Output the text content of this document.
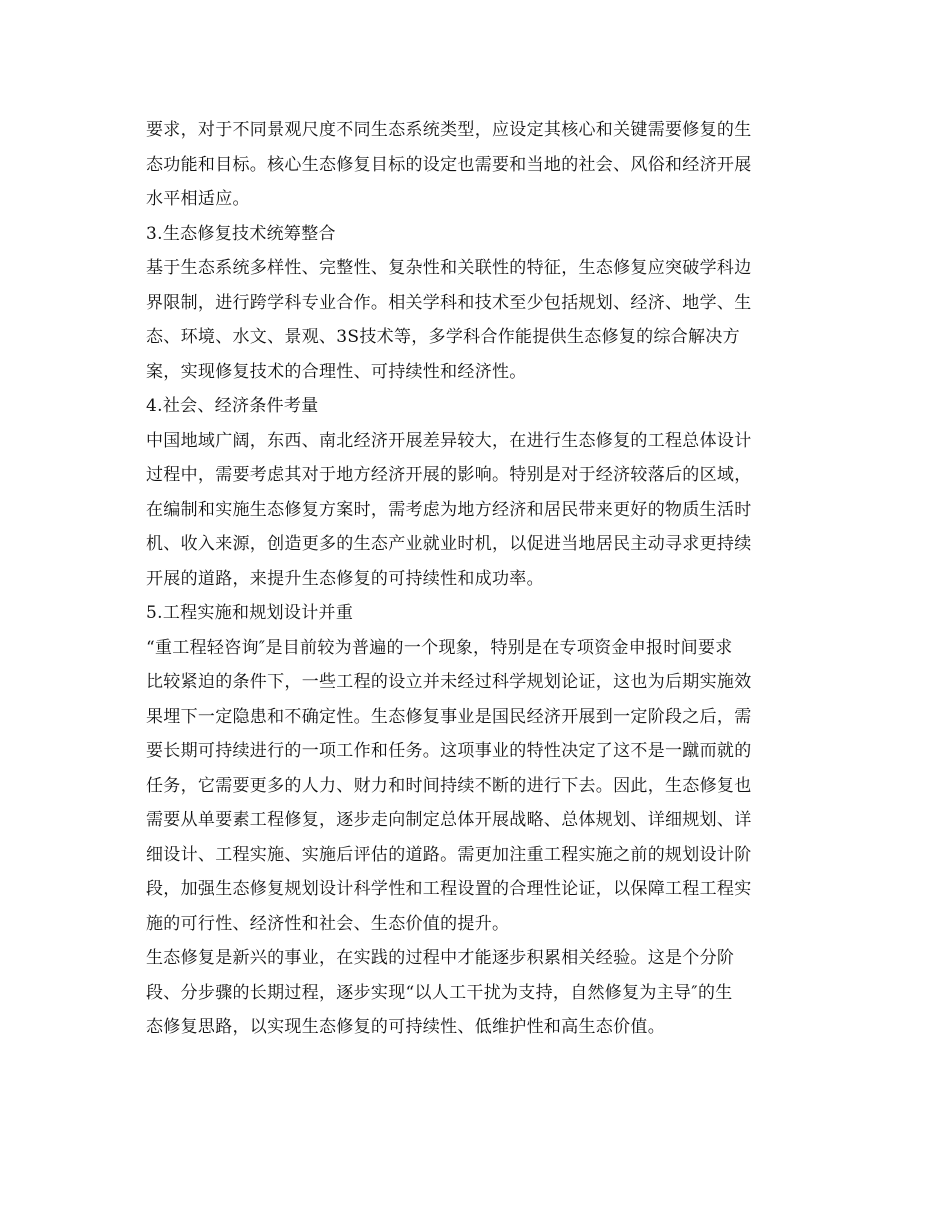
要求，对于不同景观尺度不同生态系统类型，应设定其核心和关键需要修复的生
态功能和目标。核心生态修复目标的设定也需要和当地的社会、风俗和经济开展
水平相适应。
3.生态修复技术统筹整合
基于生态系统多样性、完整性、复杂性和关联性的特征，生态修复应突破学科边
界限制，进行跨学科专业合作。相关学科和技术至少包括规划、经济、地学、生
态、环境、水文、景观、3S技术等，多学科合作能提供生态修复的综合解决方
案，实现修复技术的合理性、可持续性和经济性。
4.社会、经济条件考量
中国地域广阔，东西、南北经济开展差异较大，在进行生态修复的工程总体设计
过程中，需要考虑其对于地方经济开展的影响。特别是对于经济较落后的区域，
在编制和实施生态修复方案时，需考虑为地方经济和居民带来更好的物质生活时
机、收入来源，创造更多的生态产业就业时机，以促进当地居民主动寻求更持续
开展的道路，来提升生态修复的可持续性和成功率。
5.工程实施和规划设计并重
“重工程轻咨询″是目前较为普遍的一个现象，特别是在专项资金申报时间要求
比较紧迫的条件下，一些工程的设立并未经过科学规划论证，这也为后期实施效
果埋下一定隐患和不确定性。生态修复事业是国民经济开展到一定阶段之后，需
要长期可持续进行的一项工作和任务。这项事业的特性决定了这不是一蹴而就的
任务，它需要更多的人力、财力和时间持续不断的进行下去。因此，生态修复也
需要从单要素工程修复，逐步走向制定总体开展战略、总体规划、详细规划、详
细设计、工程实施、实施后评估的道路。需更加注重工程实施之前的规划设计阶
段，加强生态修复规划设计科学性和工程设置的合理性论证，以保障工程工程实
施的可行性、经济性和社会、生态价值的提升。
生态修复是新兴的事业，在实践的过程中才能逐步积累相关经验。这是个分阶
段、分步骤的长期过程，逐步实现“以人工干扰为支持，自然修复为主导″的生
态修复思路，以实现生态修复的可持续性、低维护性和高生态价值。
